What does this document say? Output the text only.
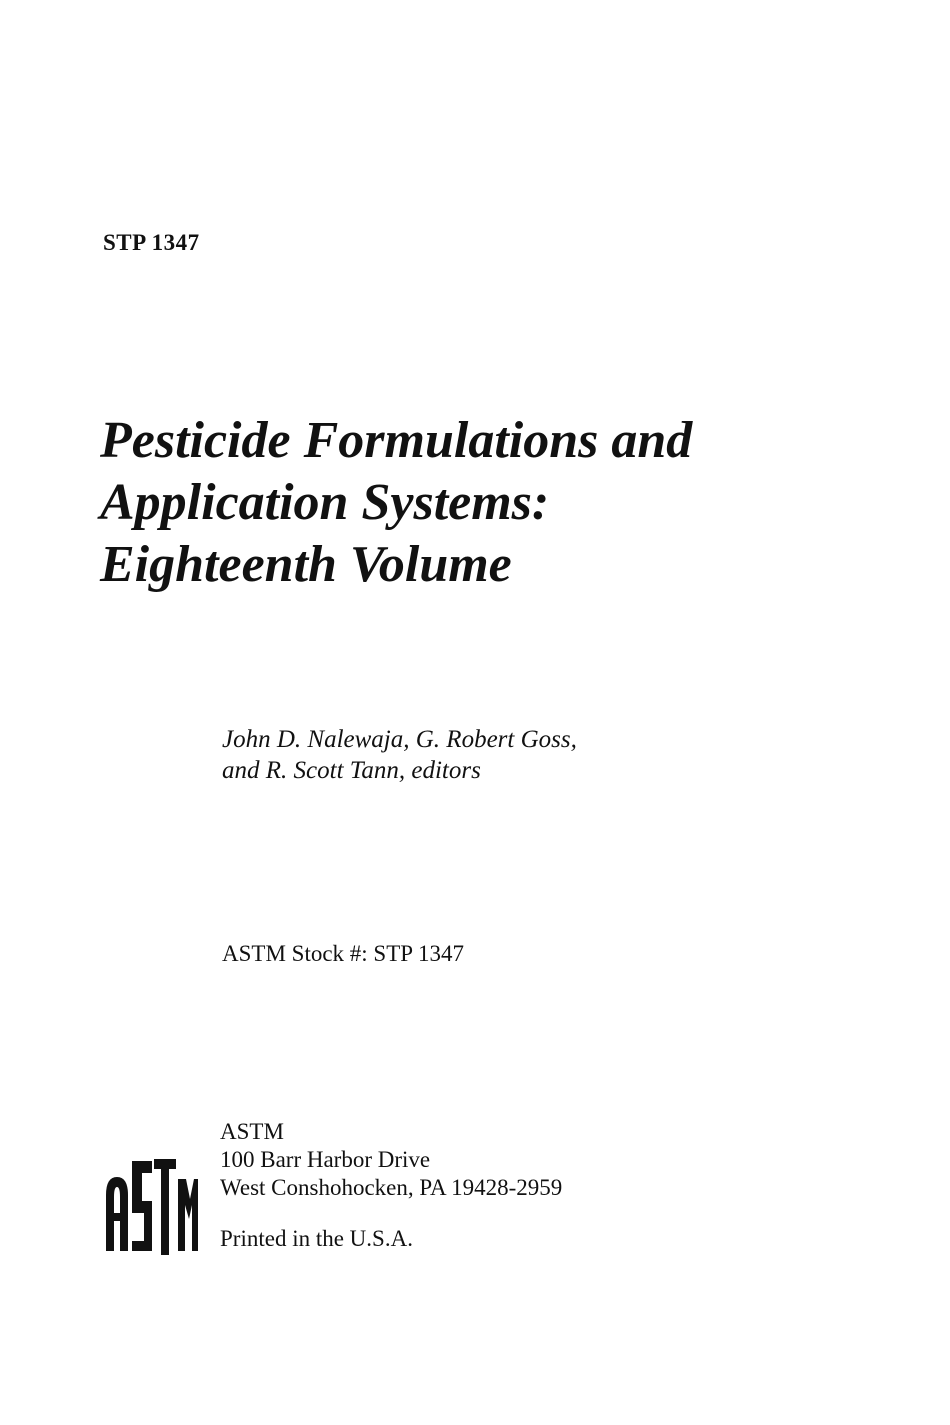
STP 1347
Pesticide Formulations and
Application Systems:
Eighteenth Volume
John D. Nalewaja, G. Robert Goss,
and R. Scott Tann, editors
ASTM Stock #: STP 1347
ASTM
100 Barr Harbor Drive
West Conshohocken, PA 19428-2959
Printed in the U.S.A.
